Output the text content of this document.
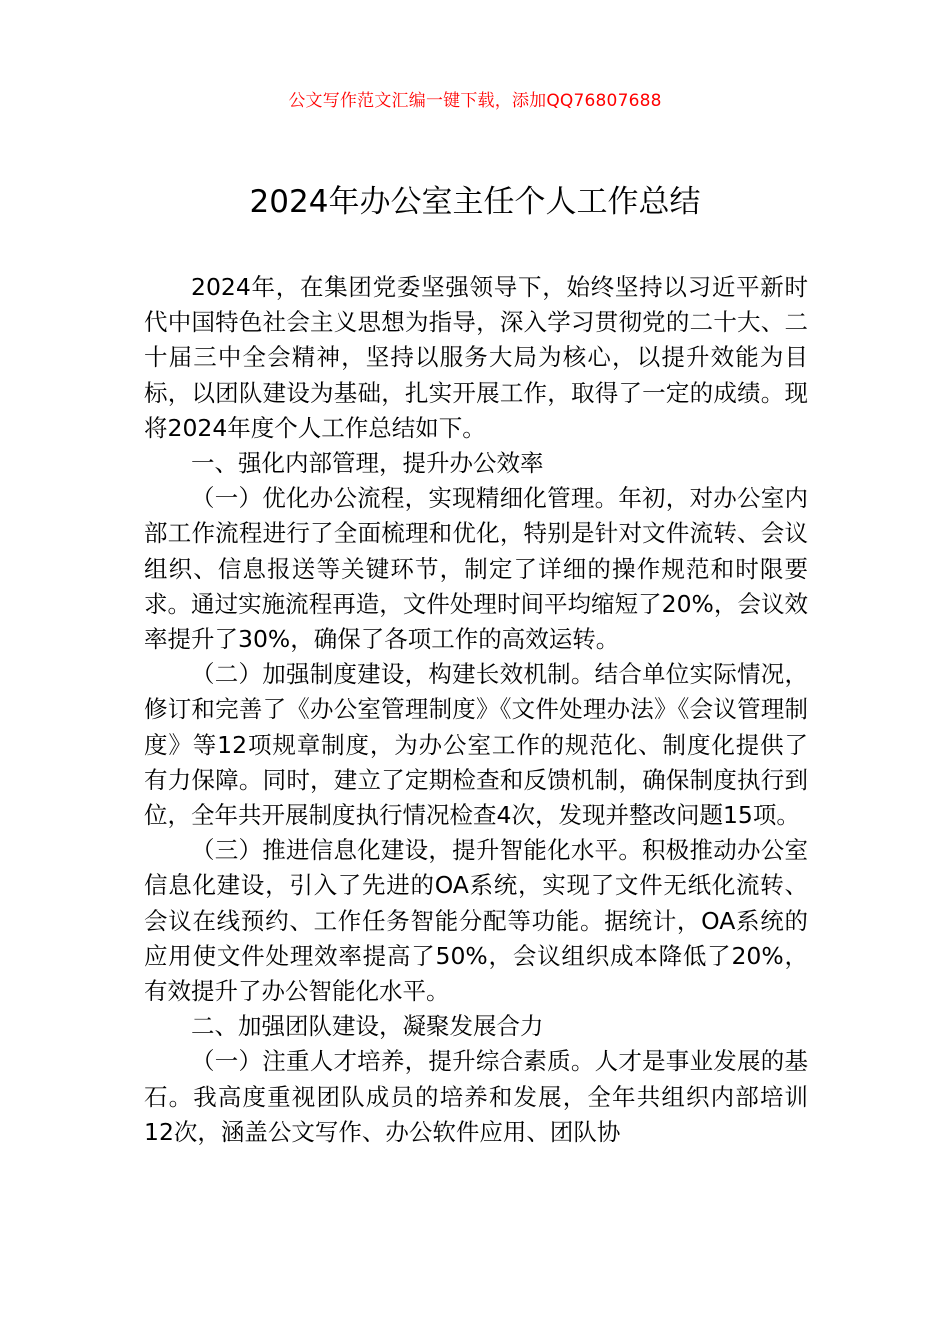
公文写作范文汇编一键下载，添加QQ76807688
2024年办公室主任个人工作总结

2024年，在集团党委坚强领导下，始终坚持以习近平新时代中国特色社会主义思想为指导，深入学习贯彻党的二十大、二十届三中全会精神，坚持以服务大局为核心，以提升效能为目标，以团队建设为基础，扎实开展工作，取得了一定的成绩。现将2024年度个人工作总结如下。

一、强化内部管理，提升办公效率

（一）优化办公流程，实现精细化管理。年初，对办公室内部工作流程进行了全面梳理和优化，特别是针对文件流转、会议组织、信息报送等关键环节，制定了详细的操作规范和时限要求。通过实施流程再造，文件处理时间平均缩短了20%，会议效率提升了30%，确保了各项工作的高效运转。

（二）加强制度建设，构建长效机制。结合单位实际情况，修订和完善了《办公室管理制度》《文件处理办法》《会议管理制度》等12项规章制度，为办公室工作的规范化、制度化提供了有力保障。同时，建立了定期检查和反馈机制，确保制度执行到位，全年共开展制度执行情况检查4次，发现并整改问题15项。

（三）推进信息化建设，提升智能化水平。积极推动办公室信息化建设，引入了先进的OA系统，实现了文件无纸化流转、会议在线预约、工作任务智能分配等功能。据统计，OA系统的应用使文件处理效率提高了50%，会议组织成本降低了20%，有效提升了办公智能化水平。

二、加强团队建设，凝聚发展合力

（一）注重人才培养，提升综合素质。人才是事业发展的基石。我高度重视团队成员的培养和发展，全年共组织内部培训12次，涵盖公文写作、办公软件应用、团队协
